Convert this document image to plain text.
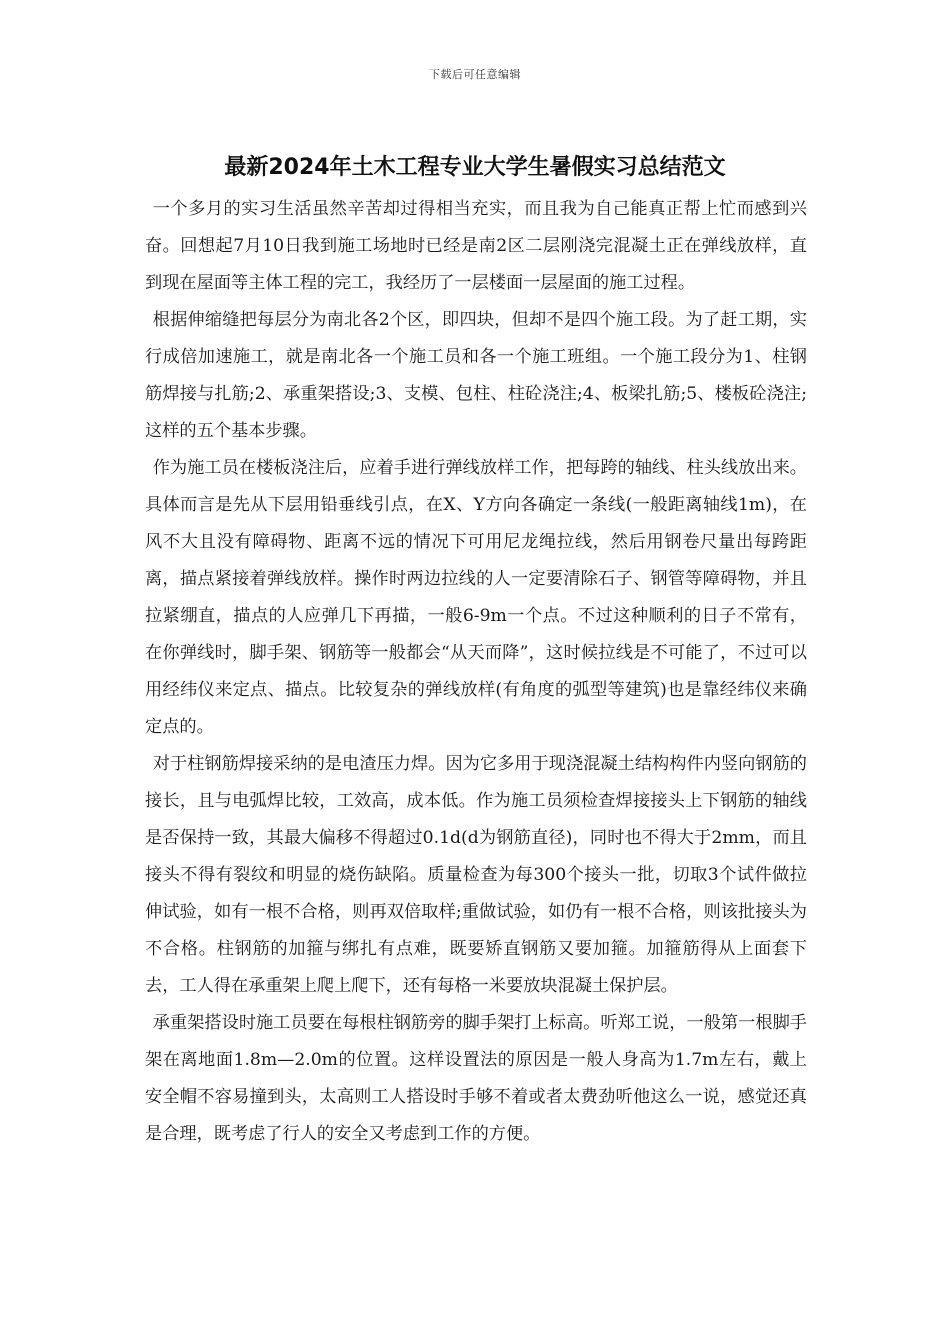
下载后可任意编辑
最新2024年土木工程专业大学生暑假实习总结范文

一个多月的实习生活虽然辛苦却过得相当充实，而且我为自己能真正帮上忙而感到兴奋。回想起7月10日我到施工场地时已经是南2区二层刚浇完混凝土正在弹线放样，直到现在屋面等主体工程的完工，我经历了一层楼面一层屋面的施工过程。

根据伸缩缝把每层分为南北各2个区，即四块，但却不是四个施工段。为了赶工期，实行成倍加速施工，就是南北各一个施工员和各一个施工班组。一个施工段分为1、柱钢筋焊接与扎筋;2、承重架搭设;3、支模、包柱、柱砼浇注;4、板梁扎筋;5、楼板砼浇注;这样的五个基本步骤。

作为施工员在楼板浇注后，应着手进行弹线放样工作，把每跨的轴线、柱头线放出来。具体而言是先从下层用铅垂线引点，在X、Y方向各确定一条线(一般距离轴线1m)，在风不大且没有障碍物、距离不远的情况下可用尼龙绳拉线，然后用钢卷尺量出每跨距离，描点紧接着弹线放样。操作时两边拉线的人一定要清除石子、钢管等障碍物，并且拉紧绷直，描点的人应弹几下再描，一般6-9m一个点。不过这种顺利的日子不常有，在你弹线时，脚手架、钢筋等一般都会“从天而降”，这时候拉线是不可能了，不过可以用经纬仪来定点、描点。比较复杂的弹线放样(有角度的弧型等建筑)也是靠经纬仪来确定点的。

对于柱钢筋焊接采纳的是电渣压力焊。因为它多用于现浇混凝土结构构件内竖向钢筋的接长，且与电弧焊比较，工效高，成本低。作为施工员须检查焊接接头上下钢筋的轴线是否保持一致，其最大偏移不得超过0.1d(d为钢筋直径)，同时也不得大于2mm，而且接头不得有裂纹和明显的烧伤缺陷。质量检查为每300个接头一批，切取3个试件做拉伸试验，如有一根不合格，则再双倍取样;重做试验，如仍有一根不合格，则该批接头为不合格。柱钢筋的加箍与绑扎有点难，既要矫直钢筋又要加箍。加箍筋得从上面套下去，工人得在承重架上爬上爬下，还有每格一米要放块混凝土保护层。

承重架搭设时施工员要在每根柱钢筋旁的脚手架打上标高。听郑工说，一般第一根脚手架在离地面1.8m—2.0m的位置。这样设置法的原因是一般人身高为1.7m左右，戴上安全帽不容易撞到头，太高则工人搭设时手够不着或者太费劲听他这么一说，感觉还真是合理，既考虑了行人的安全又考虑到工作的方便。
